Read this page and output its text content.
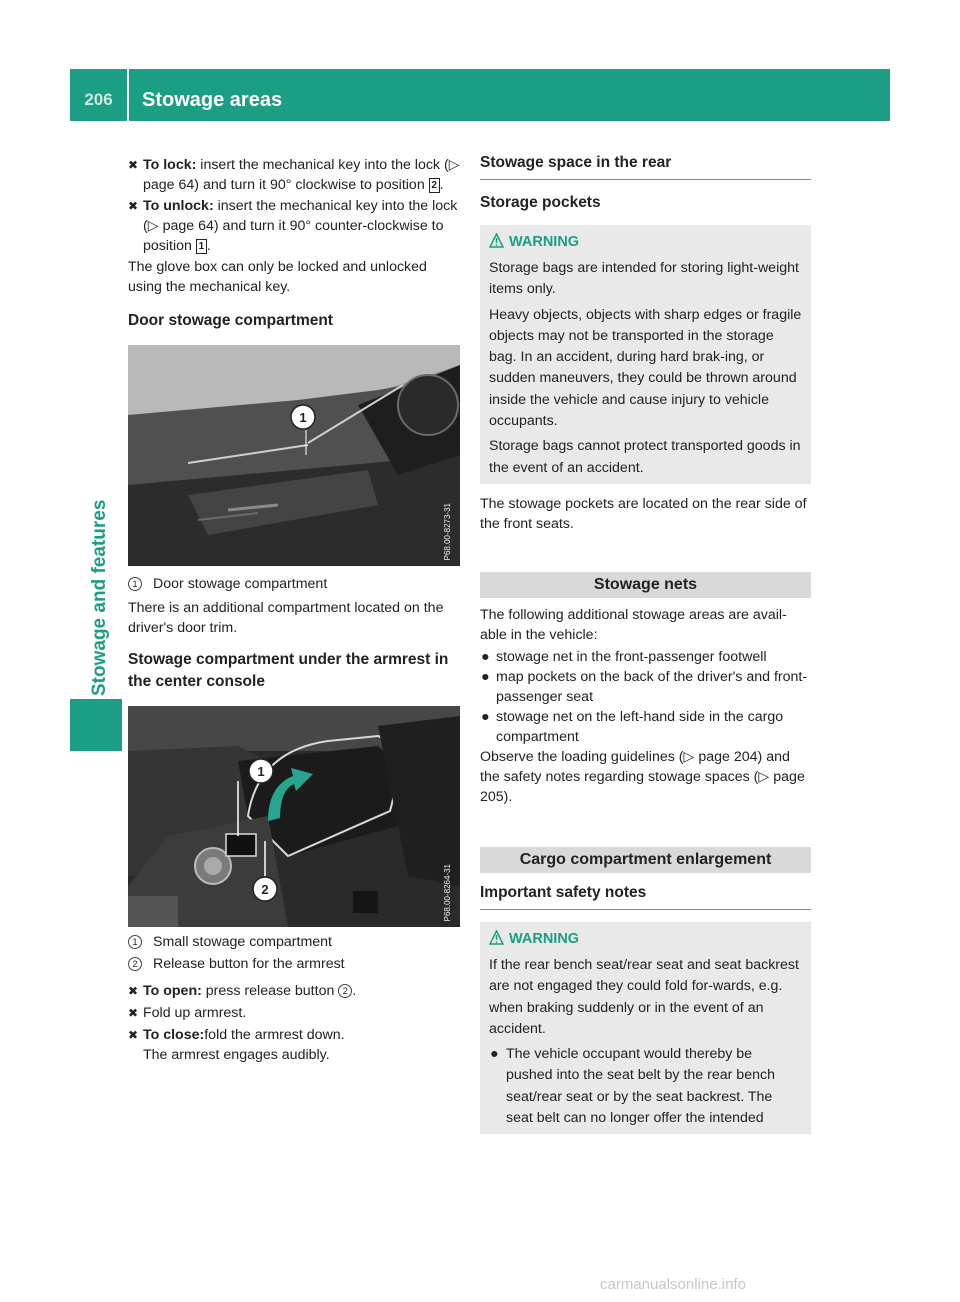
206	Stowage areas
Stowage and features

✖ To lock: insert the mechanical key into the lock (▷ page 64) and turn it 90° clockwise to position 2 .

✖ To unlock: insert the mechanical key into the lock (▷ page 64) and turn it 90° counter-clockwise to position 1 .

The glove box can only be locked and unlocked using the mechanical key.

Door stowage compartment
1
P68.00-8273-31

1	Door stowage compartment

There is an additional compartment located on the driver's door trim.

Stowage compartment under the armrest in the center console
1
2	P68.00-8264-31

1	Small stowage compartment

2	Release button for the armrest

✖ To open: press release button 2 .

✖ Fold up armrest.

✖ To close:fold the armrest down.
The armrest engages audibly.

Stowage space in the rear
Storage pockets
WARNING

Storage bags are intended for storing light-weight items only.

Heavy objects, objects with sharp edges or fragile objects may not be transported in the storage bag. In an accident, during hard brak-ing, or sudden maneuvers, they could be thrown around inside the vehicle and cause injury to vehicle occupants.

Storage bags cannot protect transported goods in the event of an accident.

The stowage pockets are located on the rear side of the front seats.

Stowage nets

The following additional stowage areas are avail-able in the vehicle:

● stowage net in the front-passenger footwell

● map pockets on the back of the driver's and front-passenger seat

● stowage net on the left-hand side in the cargo compartment

Observe the loading guidelines (▷ page 204) and the safety notes regarding stowage spaces (▷ page 205).

Cargo compartment enlargement
Important safety notes
WARNING

If the rear bench seat/rear seat and seat backrest are not engaged they could fold for-wards, e.g. when braking suddenly or in the event of an accident.

● The vehicle occupant would thereby be pushed into the seat belt by the rear bench seat/rear seat or by the seat backrest. The seat belt can no longer offer the intended

carmanualsonline.info
